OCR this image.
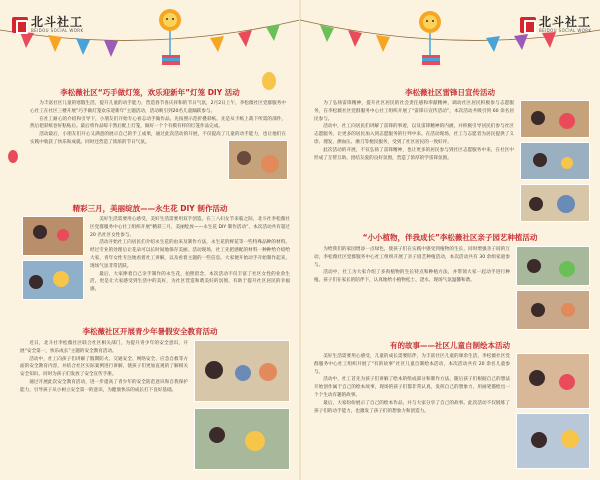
北斗社工
BEIDOU SOCIAL WORK
李松薇社区“巧手做灯笼，欢乐迎新年”灯笼 DIY 活动

为丰富社区儿童的寒假生活，提升儿童的动手能力，营造春节喜庆祥和的节日气氛，2月2日上午，李松薇社区党群服务中心社工在社区三楼开展“巧手做灯笼欢乐迎新年”主题活动，活动吸引到20名儿童踊跃参与。

在社工耐心的介绍和引导下，小朋友们开始专心看志动手做作品。先按照示范折叠彩纸。先是从卡纸上裁下所需的部件，然后把彩纸卷好粘贴后。最后将作品晾干然后配上灯笼，做好一个个有模有样的灯笼作品完成。

活动最后，小朋友们开心又满意的展示自己的手工成果，通过此次活动的开展，不仅提高了儿童的动手能力，也让他们在实践中收获了快乐和成就。同时还营造了浓浓的节日气氛。

精彩三月，美丽绽放——永生花 DIY 制作活动

美好生活需要用心感受，美好生活需要用双手创造。在三八妇女节来临之际，北斗社李松薇社区党群服务中心社工组织开展“精彩三月，美丽绽放——永生花 DIY 制作活动”，本次活动共有超过 20 名社区女性参与。

活动开始社工向居民们介绍永生花的由来及制作方法，永生花的鲜花等一些特殊品种的材料。经过专业的处理后让花朵可以长时间地保存美丽。活动现场，社工先把感配的材料一种种给介绍给大家，青年女性专注地看着社工讲解，以及看着主题的一些信息。大家便开始动手开始制作起来，现场气氛非常活跃。

最后，大家捧着自己亲手制作的永生花，拍照留念，本次活动不仅丰富了社区女性的业余生活，更是让大家感受到生活中的美好，为社区营造和谐美好的氛围，有助于提升社区居民的幸福感。

李松薇社区开展青少年暑假安全教育活动

近日，北斗社李松薇社区联合社区相关部门，为提升青少年的安全意识，开展“安全第一，快乐成长”主题的安全教育活动。

活动中，社工向孩子们讲解了假期防火、交通安全、网络安全、应急自救等方面的安全教育内容，并结合社区实际案例进行讲解，使孩子们更加直观的了解相关安全知识，同时为孩子们发放了安全宣传手册。

通过开展此次安全教育活动，进一步提高了青少年的安全防范意识和自我保护能力，引导孩子从小树立安全第一的意识，为健康快乐的成长打下良好基础。

北斗社工
BEIDOU SOCIAL WORK
李松薇社区雷锋日宣传活动

为了弘扬雷锋精神，提升社区居民的社会责任感和奉献精神，调动社区居民积极参与志愿服务，在李松薇社区党群服务中心社工组织开展了“雷锋日宣传活动”，本次活动共吸引到 60 余名居民参与。

活动中，社工向居民们讲解了雷锋的事迹，以及雷锋精神的内涵，并积极引导居民们参与社区志愿服务，让更多的居民加入到志愿服务的行列中来。在活动现场，社工与志愿者为居民提供了义诊、理发、测血压、磨刀等便民服务，受到了社区居民的一致好评。

此次活动的开展，不仅弘扬了雷锋精神，也让更多的居民参与到社区志愿服务中来，在社区中形成了互帮互助、团结友爱的良好氛围，营造了浓厚的学雷锋氛围。

“小小植物，伴我成长”李松薇社区亲子园艺种植活动

为给我们的家园增添一点绿色，使孩子们在实践中感受到植物的生长，同时增强亲子间的互动，李松薇社区党群服务中心社工组织开展了亲子园艺种植活动，本次活动共有 30 余组家庭参与。

活动中，社工为大家介绍了多肉植物的生长特点和种植方法，并带领大家一起动手进行种植。孩子们在家长的陪伴下，认真地给小植物松土、浇水，现场气氛温馨和谐。

有的故事——社区儿童自制绘本活动

美好生活需要用心感受，儿童的成长需要陪伴，为丰富社区儿童的课余生活，李松薇社区党群服务中心社工组织开展了“有的故事”社区儿童自制绘本活动，本次活动共有 20 余名儿童参与。

活动中，社工首先为孩子们讲解了绘本的组成部分和制作方法，随后孩子们根据自己的想法开始创作属于自己的绘本故事，现场的孩子们都非常认真，发挥自己的想象力，用画笔描绘出一个个生动有趣的故事。

最后，大家纷纷展示了自己的绘本作品，并与大家分享了自己的故事。此次活动不仅锻炼了孩子们的动手能力，也激发了孩子们的想象力和创造力。
